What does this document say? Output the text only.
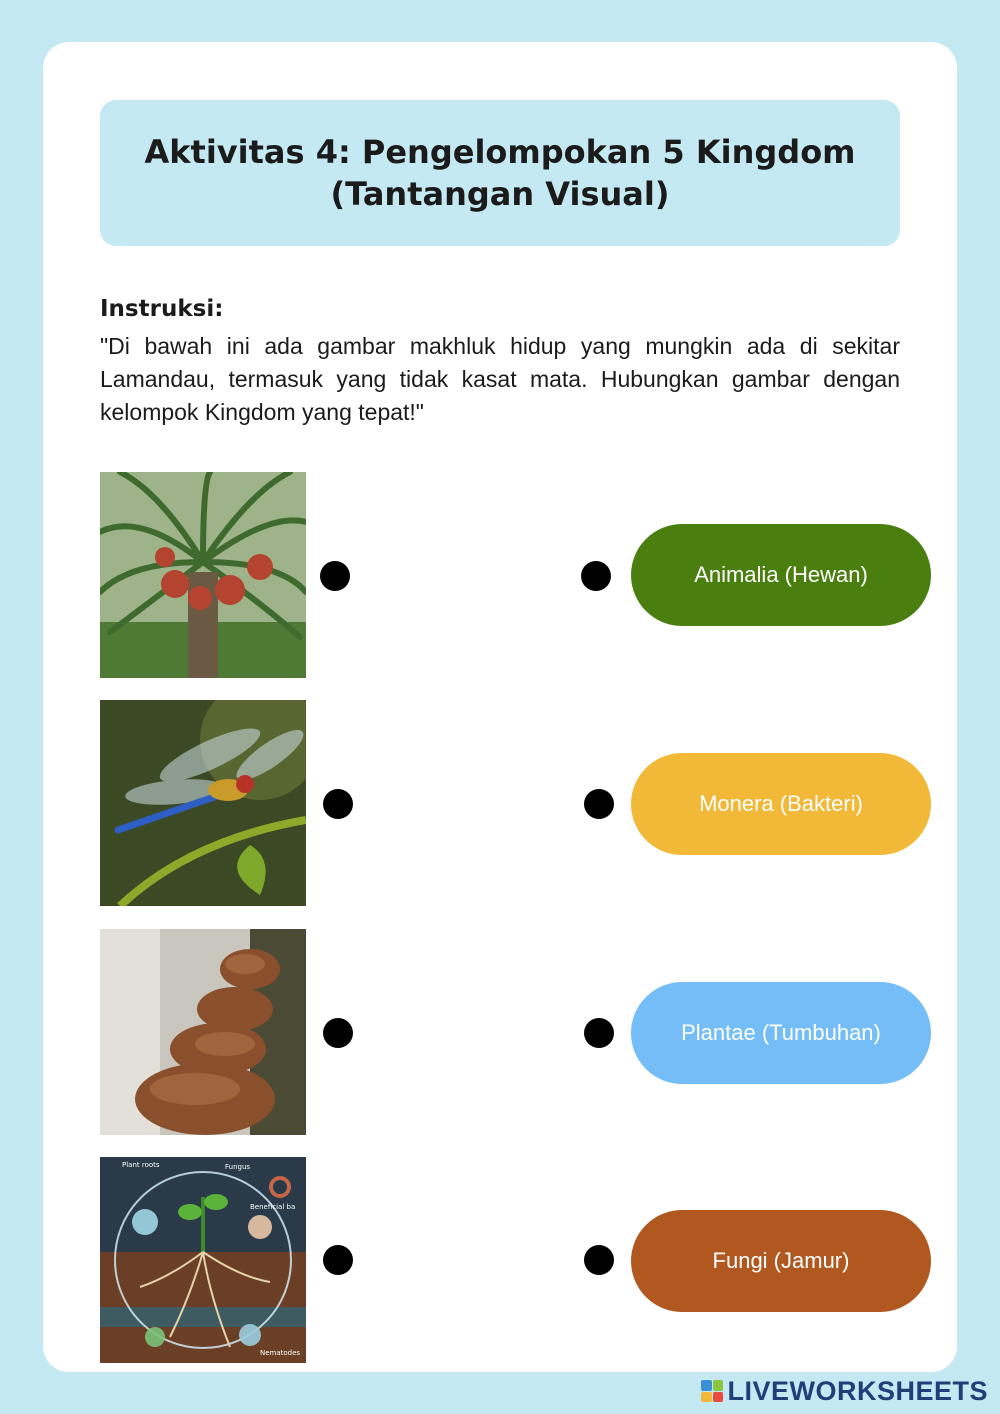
Aktivitas 4: Pengelompokan 5 Kingdom (Tantangan Visual)
Instruksi:
"Di bawah ini ada gambar makhluk hidup yang mungkin ada di sekitar Lamandau, termasuk yang tidak kasat mata. Hubungkan gambar dengan kelompok Kingdom yang tepat!"
Plant roots	Fungus
Beneficial ba
Nematodes
Animalia (Hewan)
Monera (Bakteri)
Plantae (Tumbuhan)
Fungi (Jamur)
LIVEWORKSHEETS
